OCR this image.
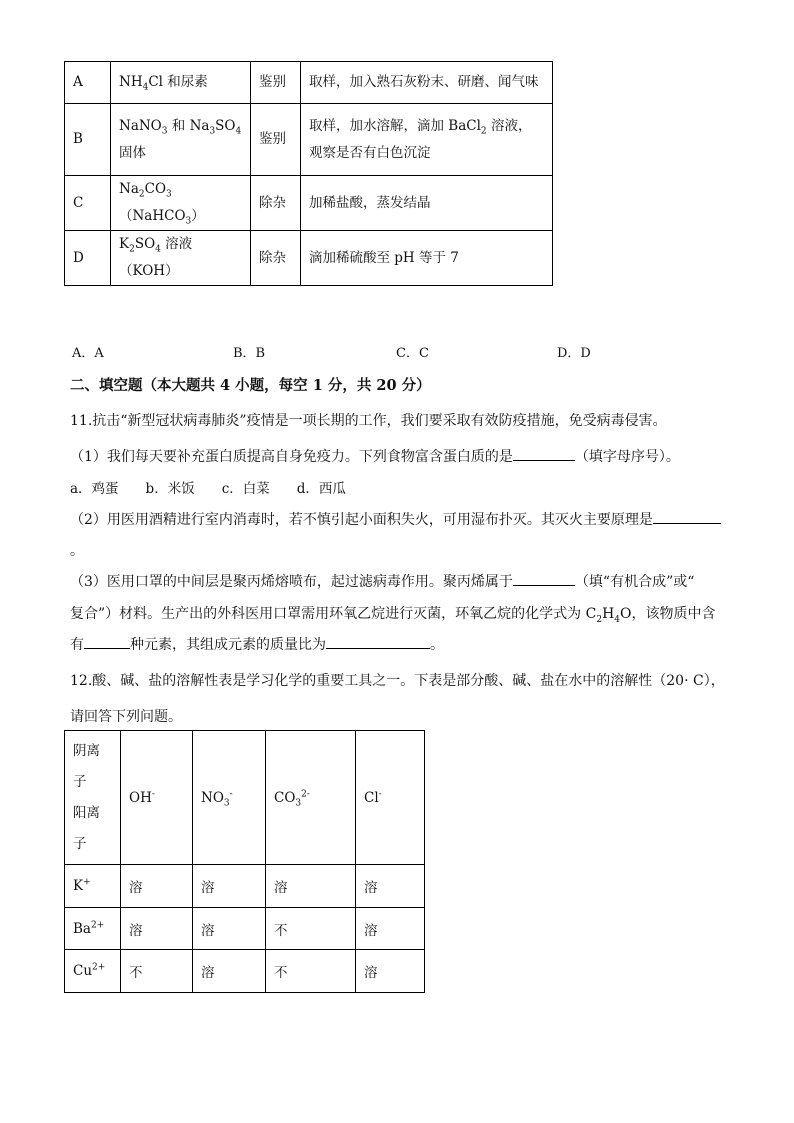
A	$NH_4Cl$ 和尿素	鉴别	取样，加入熟石灰粉末、研磨、闻气味
B	NaNO$_3$ 和 $Na_3SO_4$ 固体	鉴别	取样，加水溶解，滴加 BaCl$_2$ 溶液，观察是否有白色沉淀
C	$Na_2CO_3(NaHCO_3)$	除杂	加稀盐酸，蒸发结晶
D	$K_2SO_4$ 溶液（KOH）	除杂	滴加稀硫酸至 pH 等于 7
A．A	B．B	C．C	D．D
二、填空题（本大题共 4 小题，每空 1 分，共 20 分）
11.抗击“新型冠状病毒肺炎”疫情是一项长期的工作，我们要采取有效防疫措施，免受病毒侵害。
（1）我们每天要补充蛋白质提高自身免疫力。下列食物富含蛋白质的是	（填字母序号）。
a．鸡蛋　　b．米饭　　c．白菜　　d．西瓜
（2）用医用酒精进行室内消毒时，若不慎引起小面积失火，可用湿布扑灭。其灭火主要原理是
。
（3）医用口罩的中间层是聚丙烯熔喷布，起过滤病毒作用。聚丙烯属于	（填“有机合成”或“
复合”）材料。生产出的外科医用口罩需用环氧乙烷进行灭菌，环氧乙烷的化学式为 $C_2H_4O$，该物质中含
有	种元素，其组成元素的质量比为	。
12.酸、碱、盐的溶解性表是学习化学的重要工具之一。下表是部分酸、碱、盐在水中的溶解性（20· C），
请回答下列问题。
阴离
子
阳离
子	OH-	$NO_3^-$	$CO_3^{2-}$	Cl-
K+	溶	溶	溶	溶
$Ba^{2+}$	溶	溶	不	溶
$Cu^{2+}$	不	溶	不	溶
